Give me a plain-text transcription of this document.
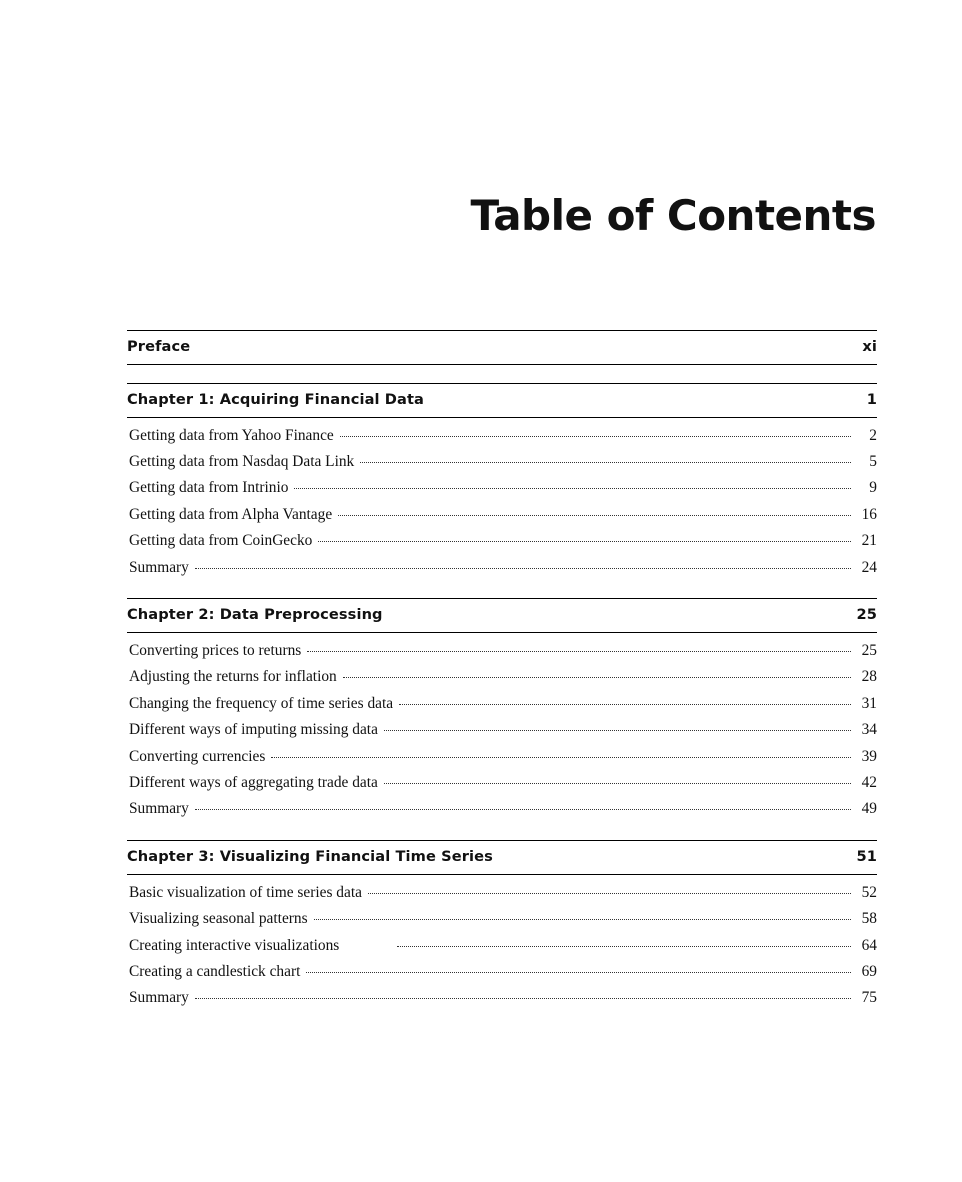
Table of Contents
Preface	xi
Chapter 1: Acquiring Financial Data	1
Getting data from Yahoo Finance	2
Getting data from Nasdaq Data Link	5
Getting data from Intrinio	9
Getting data from Alpha Vantage	16
Getting data from CoinGecko	21
Summary	24
Chapter 2: Data Preprocessing	25
Converting prices to returns	25
Adjusting the returns for inflation	28
Changing the frequency of time series data	31
Different ways of imputing missing data	34
Converting currencies	39
Different ways of aggregating trade data	42
Summary	49
Chapter 3: Visualizing Financial Time Series	51
Basic visualization of time series data	52
Visualizing seasonal patterns	58
Creating interactive visualizations	64
Creating a candlestick chart	69
Summary	75
